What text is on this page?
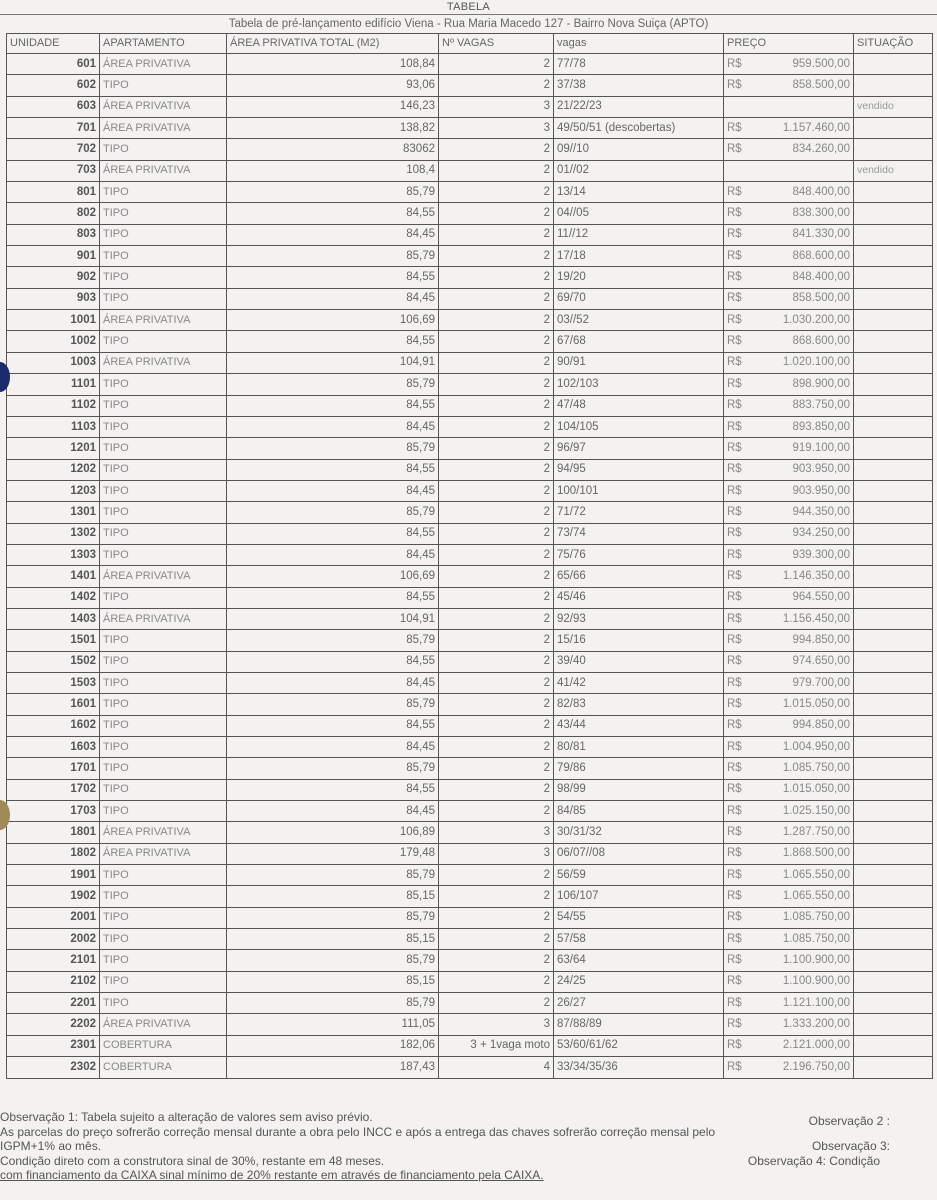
TABELA
Tabela de pré-lançamento edifício Viena - Rua Maria Macedo 127 - Bairro Nova Suiça (APTO)
UNIDADE	APARTAMENTO	ÁREA PRIVATIVA TOTAL (M2)	Nº VAGAS	vagas	PREÇO	SITUAÇÃO
601	ÁREA PRIVATIVA	108,84	2	77/78	R$ 959.500,00	

602	TIPO	93,06	2	37/38	R$ 858.500,00	

603	ÁREA PRIVATIVA	146,23	3	21/22/23		vendido
701	ÁREA PRIVATIVA	138,82	3	49/50/51 (descobertas)	R$ 1.157.460,00	

702	TIPO	83062	2	09//10	R$ 834.260,00	

703	ÁREA PRIVATIVA	108,4	2	01//02		vendido
801	TIPO	85,79	2	13/14	R$ 848.400,00	

802	TIPO	84,55	2	04//05	R$ 838.300,00	

803	TIPO	84,45	2	11//12	R$ 841.330,00	

901	TIPO	85,79	2	17/18	R$ 868.600,00	

902	TIPO	84,55	2	19/20	R$ 848.400,00	

903	TIPO	84,45	2	69/70	R$ 858.500,00	

1001	ÁREA PRIVATIVA	106,69	2	03//52	R$ 1.030.200,00	

1002	TIPO	84,55	2	67/68	R$ 868.600,00	

1003	ÁREA PRIVATIVA	104,91	2	90/91	R$ 1.020.100,00	

1101	TIPO	85,79	2	102/103	R$ 898.900,00	

1102	TIPO	84,55	2	47/48	R$ 883.750,00	

1103	TIPO	84,45	2	104/105	R$ 893.850,00	

1201	TIPO	85,79	2	96/97	R$ 919.100,00	

1202	TIPO	84,55	2	94/95	R$ 903.950,00	

1203	TIPO	84,45	2	100/101	R$ 903.950,00	

1301	TIPO	85,79	2	71/72	R$ 944.350,00	

1302	TIPO	84,55	2	73/74	R$ 934.250,00	

1303	TIPO	84,45	2	75/76	R$ 939.300,00	

1401	ÁREA PRIVATIVA	106,69	2	65/66	R$ 1.146.350,00	

1402	TIPO	84,55	2	45/46	R$ 964.550,00	

1403	ÁREA PRIVATIVA	104,91	2	92/93	R$ 1.156.450,00	

1501	TIPO	85,79	2	15/16	R$ 994.850,00	

1502	TIPO	84,55	2	39/40	R$ 974.650,00	

1503	TIPO	84,45	2	41/42	R$ 979.700,00	

1601	TIPO	85,79	2	82/83	R$ 1.015.050,00	

1602	TIPO	84,55	2	43/44	R$ 994.850,00	

1603	TIPO	84,45	2	80/81	R$ 1.004.950,00	

1701	TIPO	85,79	2	79/86	R$ 1.085.750,00	

1702	TIPO	84,55	2	98/99	R$ 1.015.050,00	

1703	TIPO	84,45	2	84/85	R$ 1.025.150,00	

1801	ÁREA PRIVATIVA	106,89	3	30/31/32	R$ 1.287.750,00	

1802	ÁREA PRIVATIVA	179,48	3	06/07//08	R$ 1.868.500,00	

1901	TIPO	85,79	2	56/59	R$ 1.065.550,00	

1902	TIPO	85,15	2	106/107	R$ 1.065.550,00	

2001	TIPO	85,79	2	54/55	R$ 1.085.750,00	

2002	TIPO	85,15	2	57/58	R$ 1.085.750,00	

2101	TIPO	85,79	2	63/64	R$ 1.100.900,00	

2102	TIPO	85,15	2	24/25	R$ 1.100.900,00	

2201	TIPO	85,79	2	26/27	R$ 1.121.100,00	

2202	ÁREA PRIVATIVA	111,05	3	87/88/89	R$ 1.333.200,00	

2301	COBERTURA	182,06	3 + 1vaga moto	53/60/61/62	R$ 2.121.000,00	

2302	COBERTURA	187,43	4	33/34/35/36	R$ 2.196.750,00	

Observação 1: Tabela sujeito a alteração de valores sem aviso prévio.	Observação 2 :
As parcelas do preço sofrerão correção mensal durante a obra pelo INCC e após a entrega das chaves sofrerão correção mensal pelo
IGPM+1% ao mês.	Observação 3:
Condição direto com a construtora sinal de 30%, restante em 48 meses.	Observação 4: Condição
com financiamento da CAIXA sinal mínimo de 20% restante em através de financiamento pela CAIXA.
